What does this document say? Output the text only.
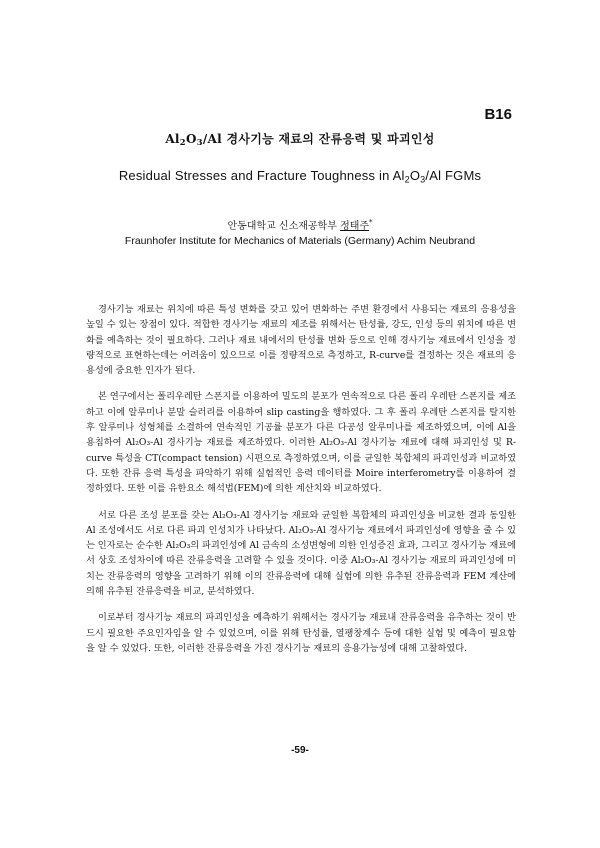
B16
$Al_2O_3/Al$ 경사기능 재료의 잔류응력 및 파괴인성
Residual Stresses and Fracture Toughness in $Al_2O_3/Al$ FGMs
안동대학교 신소재공학부 정태주*
Fraunhofer Institute for Mechanics of Materials (Germany) Achim Neubrand

경사기능 재료는 위치에 따른 특성 변화를 갖고 있어 변화하는 주변 환경에서 사용되는 재료의 응용성을 높일 수 있는 장점이 있다. 적합한 경사기능 재료의 제조를 위해서는 탄성률, 강도, 인성 등의 위치에 따른 변화를 예측하는 것이 필요하다. 그러나 재료 내에서의 탄성률 변화 등으로 인해 경사기능 재료에서 인성을 정량적으로 표현하는데는 어려움이 있으므로 이를 정량적으로 측정하고, R-curve를 결정하는 것은 재료의 응용성에 중요한 인자가 된다.

본 연구에서는 폴리우레탄 스폰지를 이용하여 밀도의 분포가 연속적으로 다른 폴리 우레탄 스폰지를 제조하고 이에 알루미나 분말 슬러리를 이용하여 slip casting을 행하였다. 그 후 폴리 우레탄 스폰지를 탈지한 후 알루미나 성형체를 소결하여 연속적인 기공률 분포가 다른 다공성 알루미나를 제조하였으며, 이에 Al을 용침하여 Al₂O₃-Al 경사기능 재료를 제조하였다. 이러한 Al₂O₃-Al 경사기능 재료에 대해 파괴인성 및 R-curve 특성을 CT(compact tension) 시편으로 측정하였으며, 이를 균일한 복합체의 파괴인성과 비교하였다. 또한 잔류 응력 특성을 파악하기 위해 실험적인 응력 데이터를 Moire interferometry를 이용하여 결정하였다. 또한 이를 유한요소 해석법(FEM)에 의한 계산치와 비교하였다.

서로 다른 조성 분포를 갖는 Al₂O₃-Al 경사기능 재료와 균일한 복합체의 파괴인성을 비교한 결과 동일한 Al 조성에서도 서로 다른 파괴 인성치가 나타났다. Al₂O₃-Al 경사기능 재료에서 파괴인성에 영향을 줄 수 있는 인자로는 순수한 Al₂O₃의 파괴인성에 Al 금속의 소성변형에 의한 인성증진 효과, 그리고 경사기능 재료에서 상호 조성차이에 따른 잔류응력을 고려할 수 있을 것이다. 이중 Al₂O₃-Al 경사기능 재료의 파괴인성에 미치는 잔류응력의 영향을 고려하기 위해 이의 잔류응력에 대해 실험에 의한 유추된 잔류응력과 FEM 계산에 의해 유추된 잔류응력을 비교, 분석하였다.

이로부터 경사기능 재료의 파괴인성을 예측하기 위해서는 경사기능 재료내 잔류응력을 유추하는 것이 반드시 필요한 주요인자임을 알 수 있었으며, 이를 위해 탄성률, 열팽창계수 등에 대한 실험 및 예측이 필요함을 알 수 있었다. 또한, 이러한 잔류응력을 가진 경사기능 재료의 응용가능성에 대해 고찰하였다.

-59-
